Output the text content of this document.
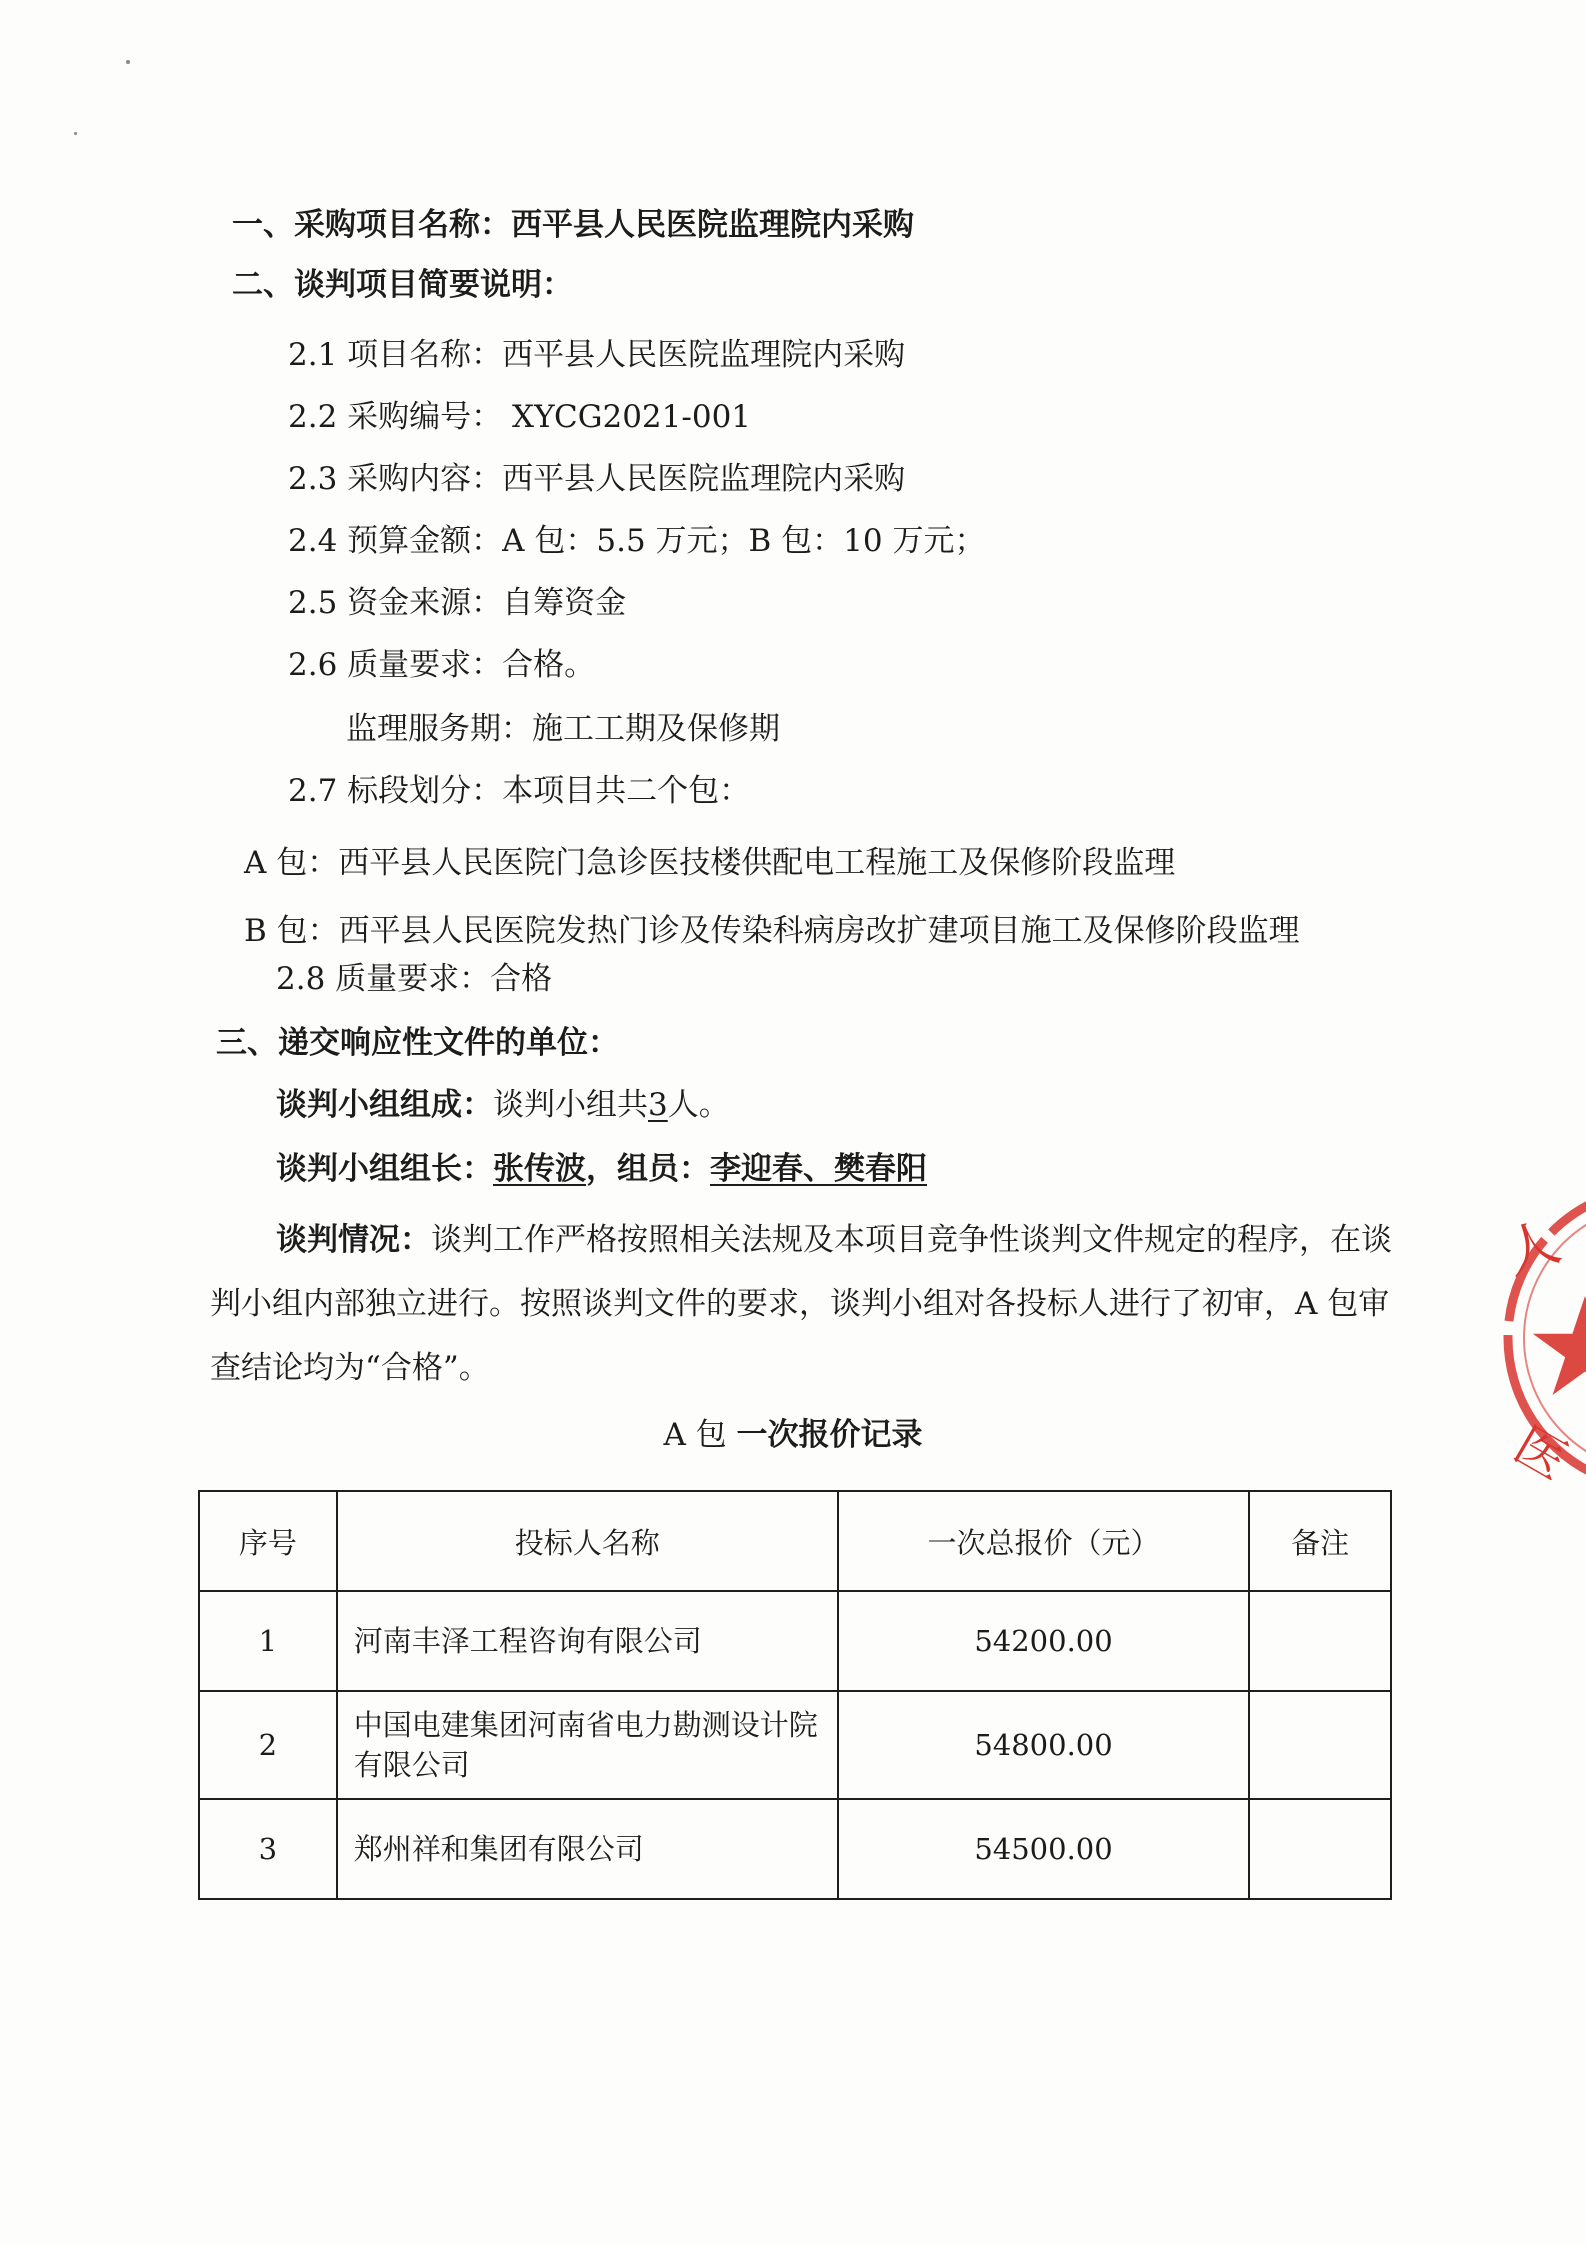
一、采购项目名称：西平县人民医院监理院内采购
二、谈判项目简要说明：
2.1 项目名称：西平县人民医院监理院内采购
2.2 采购编号： XYCG2021-001
2.3 采购内容：西平县人民医院监理院内采购
2.4 预算金额：A 包：5.5 万元；B 包：10 万元；
2.5 资金来源：自筹资金
2.6 质量要求：合格。
监理服务期：施工工期及保修期
2.7 标段划分：本项目共二个包：
A 包：西平县人民医院门急诊医技楼供配电工程施工及保修阶段监理
B 包：西平县人民医院发热门诊及传染科病房改扩建项目施工及保修阶段监理
2.8 质量要求：合格
三、递交响应性文件的单位：
谈判小组组成：谈判小组共3人。
谈判小组组长：张传波，组员：李迎春、樊春阳
谈判情况：谈判工作严格按照相关法规及本项目竞争性谈判文件规定的程序，在谈判小组内部独立进行。按照谈判文件的要求，谈判小组对各投标人进行了初审，A 包审查结论均为“合格”。
A 包 一次报价记录
序号	投标人名称	一次总报价（元）	备注
1	河南丰泽工程咨询有限公司	54200.00	
2	中国电建集团河南省电力勘测设计院有限公司	54800.00	
3	郑州祥和集团有限公司	54500.00	
人
医
